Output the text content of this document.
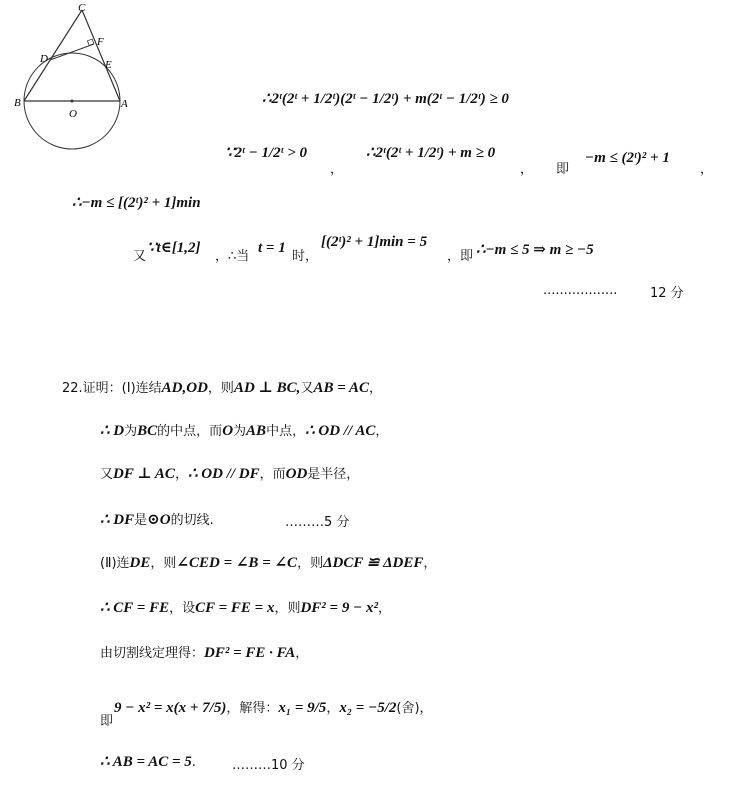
C
D
F
E
B
O
A	∴2ᵗ(2ᵗ + 1/2ᵗ)(2ᵗ − 1/2ᵗ) + m(2ᵗ − 1/2ᵗ) ≥ 0
∵2ᵗ − 1/2ᵗ > 0
，
∴2ᵗ(2ᵗ + 1/2ᵗ) + m ≥ 0
， 即
−m ≤ (2ᵗ)² + 1
，
∴−m ≤ [(2ᵗ)² + 1]min
又
∵t∈[1,2]
，∴当
t = 1
时，
[(2ᵗ)² + 1]min = 5
，即 ∴−m ≤ 5 ⇒ m ≥ −5
..................	12 分
22.证明：(Ⅰ)连结AD,OD，则AD ⊥ BC,又AB = AC，
∴ D为BC的中点，而O为AB中点，∴ OD // AC，
又DF ⊥ AC，∴ OD // DF，而OD是半径，
∴ DF是⊙O的切线.	………5 分
(Ⅱ)连DE，则∠CED = ∠B = ∠C，则ΔDCF ≌ ΔDEF，
∴ CF = FE，设CF = FE = x，则DF² = 9 − x²，
由切割线定理得：DF² = FE · FA，
即
9 − x² = x(x + 7/5)，解得：x₁ = 9/5，x₂ = −5/2(舍)，
∴ AB = AC = 5.	………10 分
